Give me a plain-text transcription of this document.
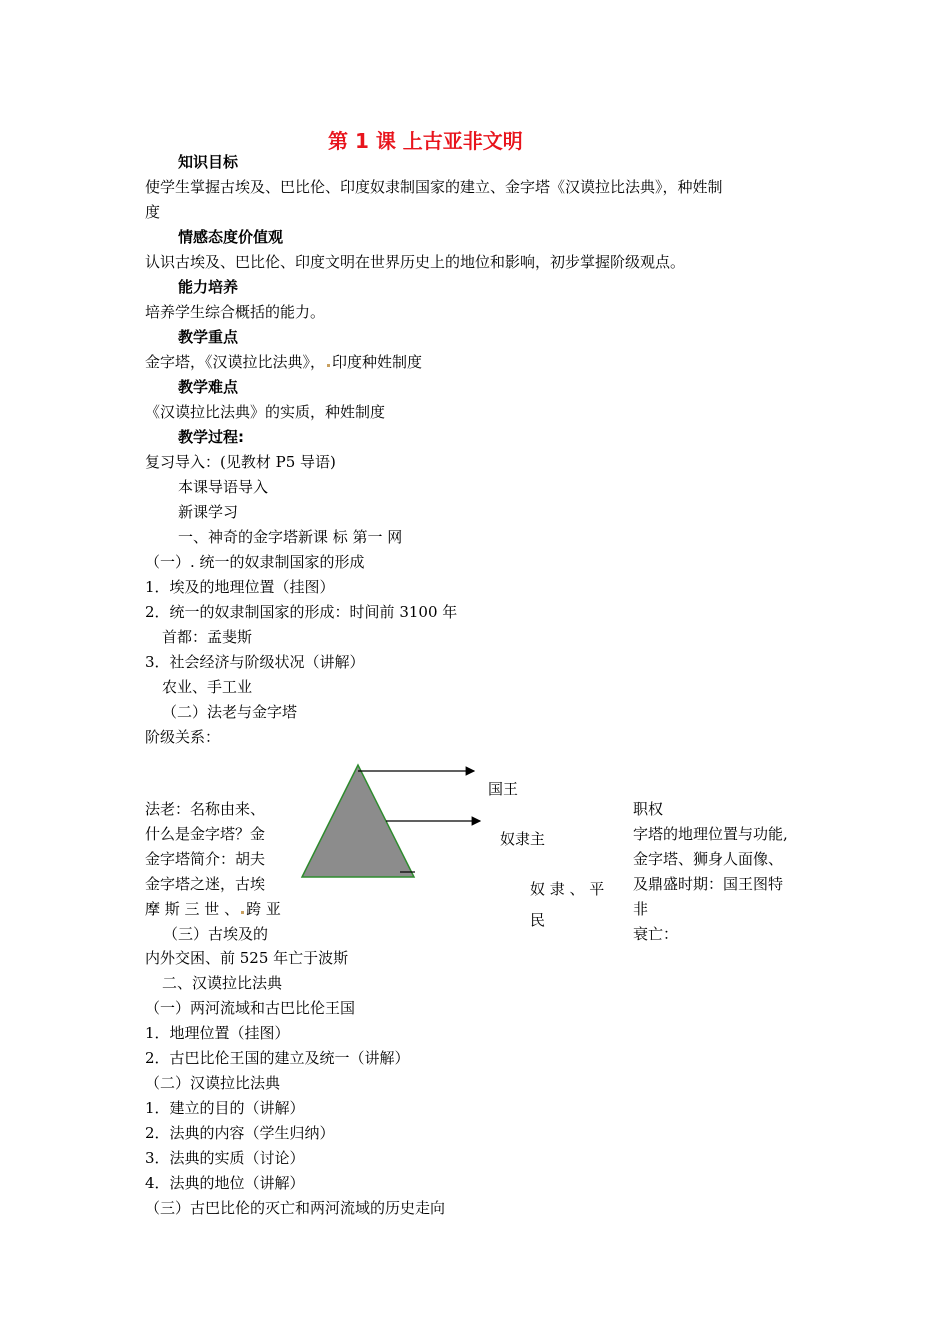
第 1 课 上古亚非文明
知识目标
使学生掌握古埃及、巴比伦、印度奴隶制国家的建立、金字塔《汉谟拉比法典》，种姓制
度
情感态度价值观
认识古埃及、巴比伦、印度文明在世界历史上的地位和影响，初步掌握阶级观点。
能力培养
培养学生综合概括的能力。
教学重点
金字塔，《汉谟拉比法典》， 印度种姓制度
教学难点
《汉谟拉比法典》的实质，种姓制度
教学过程:
复习导入：(见教材 P5 导语)
本课导语导入
新课学习
一、神奇的金字塔新课 标 第一 网
（一）. 统一的奴隶制国家的形成
1．埃及的地理位置（挂图）
2．统一的奴隶制国家的形成：时间前 3100 年
首都：孟斐斯
3．社会经济与阶级状况（讲解）
农业、手工业
（二）法老与金字塔
阶级关系：
国王
奴隶主
奴 隶 、 平
民
法老：名称由来、
什么是金字塔？金
金字塔简介：胡夫
金字塔之迷，古埃
摩 斯 三 世 、 跨 亚
（三）古埃及的
职权
字塔的地理位置与功能,
金字塔、狮身人面像、
及鼎盛时期：国王图特
非
衰亡：
内外交困、前 525 年亡于波斯
二、汉谟拉比法典
（一）两河流域和古巴比伦王国
1．地理位置（挂图）
2．古巴比伦王国的建立及统一（讲解）
（二）汉谟拉比法典
1．建立的目的（讲解）
2．法典的内容（学生归纳）
3．法典的实质（讨论）
4．法典的地位（讲解）
（三）古巴比伦的灭亡和两河流域的历史走向
